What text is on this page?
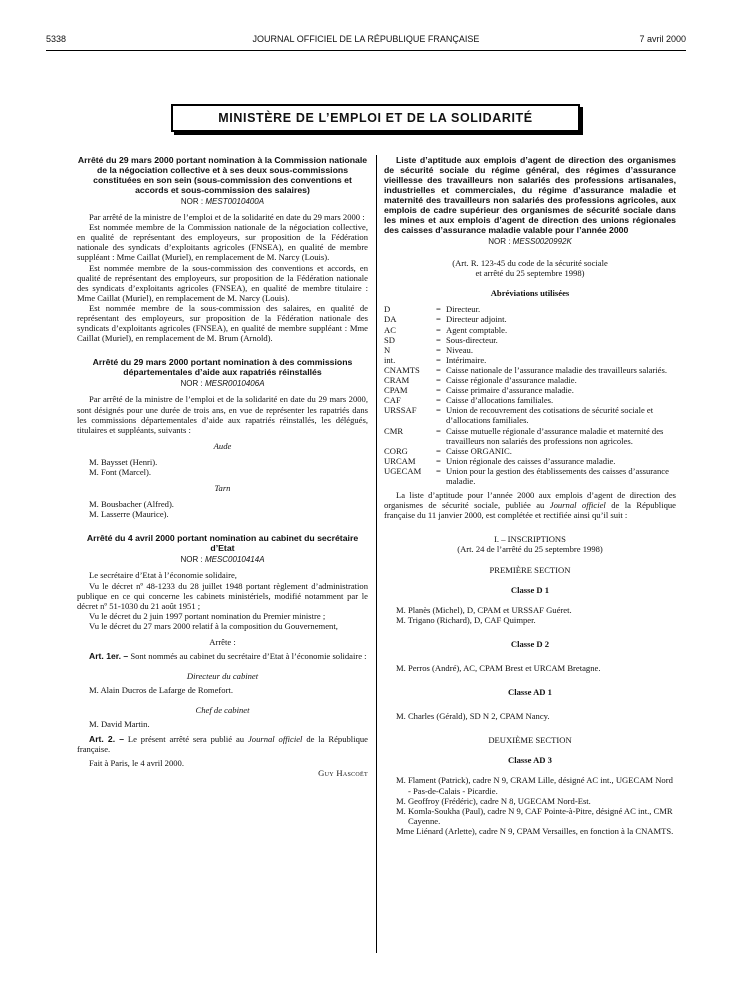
5338	JOURNAL OFFICIEL DE LA RÉPUBLIQUE FRANÇAISE	7 avril 2000
MINISTÈRE DE L’EMPLOI ET DE LA SOLIDARITÉ

Arrêté du 29 mars 2000 portant nomination à la Commission nationale de la négociation collective et à ses deux sous-commissions constituées en son sein (sous-commission des conventions et accords et sous-commission des salaires)

NOR : MEST0010400A

Par arrêté de la ministre de l’emploi et de la solidarité en date du 29 mars 2000 :

Est nommée membre de la Commission nationale de la négociation collective, en qualité de représentant des employeurs, sur proposition de la Fédération nationale des syndicats d’exploitants agricoles (FNSEA), en qualité de membre suppléant : Mme Caillat (Muriel), en remplacement de M. Narcy (Louis).

Est nommée membre de la sous-commission des conventions et accords, en qualité de représentant des employeurs, sur proposition de la Fédération nationale des syndicats d’exploitants agricoles (FNSEA), en qualité de membre titulaire : Mme Caillat (Muriel), en remplacement de M. Narcy (Louis).

Est nommée membre de la sous-commission des salaires, en qualité de représentant des employeurs, sur proposition de la Fédération nationale des syndicats d’exploitants agricoles (FNSEA), en qualité de membre suppléant : Mme Caillat (Muriel), en remplacement de M. Brum (Arnold).

Arrêté du 29 mars 2000 portant nomination à des commissions départementales d’aide aux rapatriés réinstallés

NOR : MESR0010406A

Par arrêté de la ministre de l’emploi et de la solidarité en date du 29 mars 2000, sont désignés pour une durée de trois ans, en vue de représenter les rapatriés dans les commissions départementales d’aide aux rapatriés réinstallés, les délégués, titulaires et suppléants, suivants :

Aude

M. Baysset (Henri).

M. Font (Marcel).

Tarn

M. Bousbacher (Alfred).

M. Lasserre (Maurice).

Arrêté du 4 avril 2000 portant nomination au cabinet du secrétaire d’Etat

NOR : MESC0010414A

Le secrétaire d’Etat à l’économie solidaire,

Vu le décret nº 48-1233 du 28 juillet 1948 portant règlement d’administration publique en ce qui concerne les cabinets ministériels, modifié notamment par le décret nº 51-1030 du 21 août 1951 ;

Vu le décret du 2 juin 1997 portant nomination du Premier ministre ;

Vu le décret du 27 mars 2000 relatif à la composition du Gouvernement,

Arrête :

Art. 1er. – Sont nommés au cabinet du secrétaire d’Etat à l’économie solidaire :

Directeur du cabinet

M. Alain Ducros de Lafarge de Romefort.

Chef de cabinet

M. David Martin.

Art. 2. – Le présent arrêté sera publié au Journal officiel de la République française.

Fait à Paris, le 4 avril 2000.

Guy Hascoët

Liste d’aptitude aux emplois d’agent de direction des organismes de sécurité sociale du régime général, des régimes d’assurance vieillesse des travailleurs non salariés des professions artisanales, industrielles et commerciales, du régime d’assurance maladie et maternité des travailleurs non salariés des professions agricoles, aux emplois de cadre supérieur des organismes de sécurité sociale dans les mines et aux emplois d’agent de direction des unions régionales des caisses d’assurance maladie valable pour l’année 2000

NOR : MESS0020992K

(Art. R. 123-45 du code de la sécurité sociale

et arrêté du 25 septembre 1998)

Abréviations utilisées

D	= Directeur.
DA	= Directeur adjoint.
AC	= Agent comptable.
SD	= Sous-directeur.
N	= Niveau.
int.	= Intérimaire.
CNAMTS	= Caisse nationale de l’assurance maladie des travailleurs salariés.
CRAM	= Caisse régionale d’assurance maladie.
CPAM	= Caisse primaire d’assurance maladie.
CAF	= Caisse d’allocations familiales.
URSSAF	= Union de recouvrement des cotisations de sécurité sociale et d’allocations familiales.
CMR	= Caisse mutuelle régionale d’assurance maladie et maternité des travailleurs non salariés des professions non agricoles.
CORG	= Caisse ORGANIC.
URCAM	= Union régionale des caisses d’assurance maladie.
UGECAM	= Union pour la gestion des établissements des caisses d’assurance maladie.

La liste d’aptitude pour l’année 2000 aux emplois d’agent de direction des organismes de sécurité sociale, publiée au Journal officiel de la République française du 11 janvier 2000, est complétée et rectifiée ainsi qu’il suit :

I. – INSCRIPTIONS

(Art. 24 de l’arrêté du 25 septembre 1998)

PREMIÈRE SECTION

Classe D 1

M. Planès (Michel), D, CPAM et URSSAF Guéret.

M. Trigano (Richard), D, CAF Quimper.

Classe D 2

M. Perros (André), AC, CPAM Brest et URCAM Bretagne.

Classe AD 1

M. Charles (Gérald), SD N 2, CPAM Nancy.

DEUXIÈME SECTION

Classe AD 3

M. Flament (Patrick), cadre N 9, CRAM Lille, désigné AC int., UGECAM Nord - Pas-de-Calais - Picardie.

M. Geoffroy (Frédéric), cadre N 8, UGECAM Nord-Est.

M. Komla-Soukha (Paul), cadre N 9, CAF Pointe-à-Pitre, désigné AC int., CMR Cayenne.

Mme Liénard (Arlette), cadre N 9, CPAM Versailles, en fonction à la CNAMTS.
